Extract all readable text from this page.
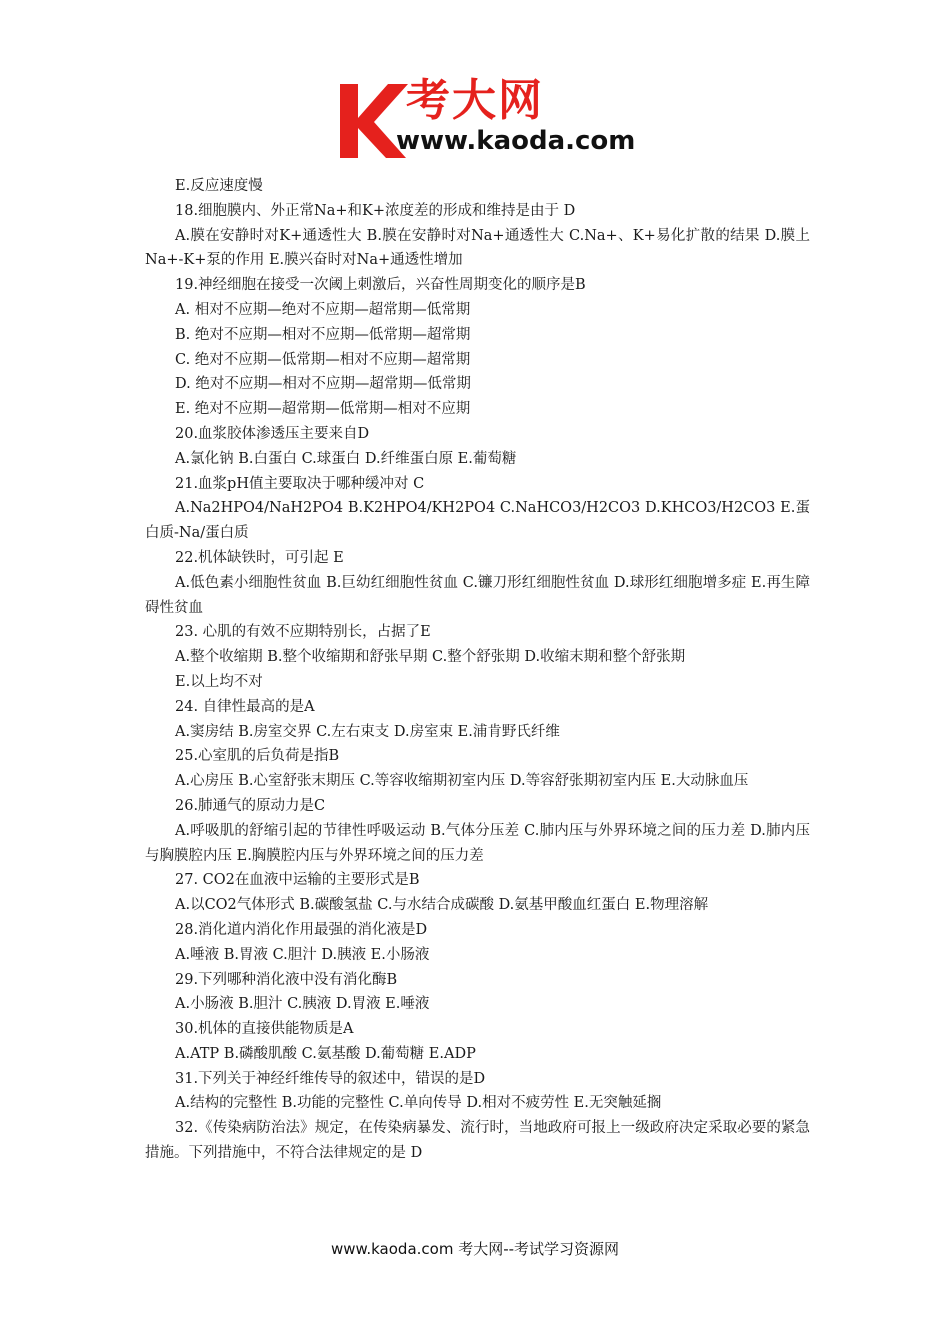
考大网
www.kaoda.com
E.反应速度慢
18.细胞膜内、外正常Na+和K+浓度差的形成和维持是由于 D
A.膜在安静时对K+通透性大 B.膜在安静时对Na+通透性大 C.Na+、K+易化扩散的结果 D.膜上Na+-K+泵的作用 E.膜兴奋时对Na+通透性增加
19.神经细胞在接受一次阈上刺激后，兴奋性周期变化的顺序是B
A. 相对不应期—绝对不应期—超常期—低常期
B. 绝对不应期—相对不应期—低常期—超常期
C. 绝对不应期—低常期—相对不应期—超常期
D. 绝对不应期—相对不应期—超常期—低常期
E. 绝对不应期—超常期—低常期—相对不应期
20.血浆胶体渗透压主要来自D
A.氯化钠 B.白蛋白 C.球蛋白 D.纤维蛋白原 E.葡萄糖
21.血浆pH值主要取决于哪种缓冲对 C
A.Na2HPO4/NaH2PO4 B.K2HPO4/KH2PO4 C.NaHCO3/H2CO3 D.KHCO3/H2CO3 E.蛋白质-Na/蛋白质
22.机体缺铁时，可引起 E
A.低色素小细胞性贫血 B.巨幼红细胞性贫血 C.镰刀形红细胞性贫血 D.球形红细胞增多症 E.再生障碍性贫血
23. 心肌的有效不应期特别长，占据了E
A.整个收缩期 B.整个收缩期和舒张早期 C.整个舒张期 D.收缩末期和整个舒张期
E.以上均不对
24. 自律性最高的是A
A.窦房结 B.房室交界 C.左右束支 D.房室束 E.浦肯野氏纤维
25.心室肌的后负荷是指B
A.心房压 B.心室舒张末期压 C.等容收缩期初室内压 D.等容舒张期初室内压 E.大动脉血压
26.肺通气的原动力是C
A.呼吸肌的舒缩引起的节律性呼吸运动 B.气体分压差 C.肺内压与外界环境之间的压力差 D.肺内压与胸膜腔内压 E.胸膜腔内压与外界环境之间的压力差
27. CO2在血液中运输的主要形式是B
A.以CO2气体形式 B.碳酸氢盐 C.与水结合成碳酸 D.氨基甲酸血红蛋白 E.物理溶解
28.消化道内消化作用最强的消化液是D
A.唾液 B.胃液 C.胆汁 D.胰液 E.小肠液
29.下列哪种消化液中没有消化酶B
A.小肠液 B.胆汁 C.胰液 D.胃液 E.唾液
30.机体的直接供能物质是A
A.ATP B.磷酸肌酸 C.氨基酸 D.葡萄糖 E.ADP
31.下列关于神经纤维传导的叙述中，错误的是D
A.结构的完整性 B.功能的完整性 C.单向传导 D.相对不疲劳性 E.无突触延搁
32.《传染病防治法》规定，在传染病暴发、流行时，当地政府可报上一级政府决定采取必要的紧急措施。下列措施中，不符合法律规定的是 D
www.kaoda.com 考大网--考试学习资源网
